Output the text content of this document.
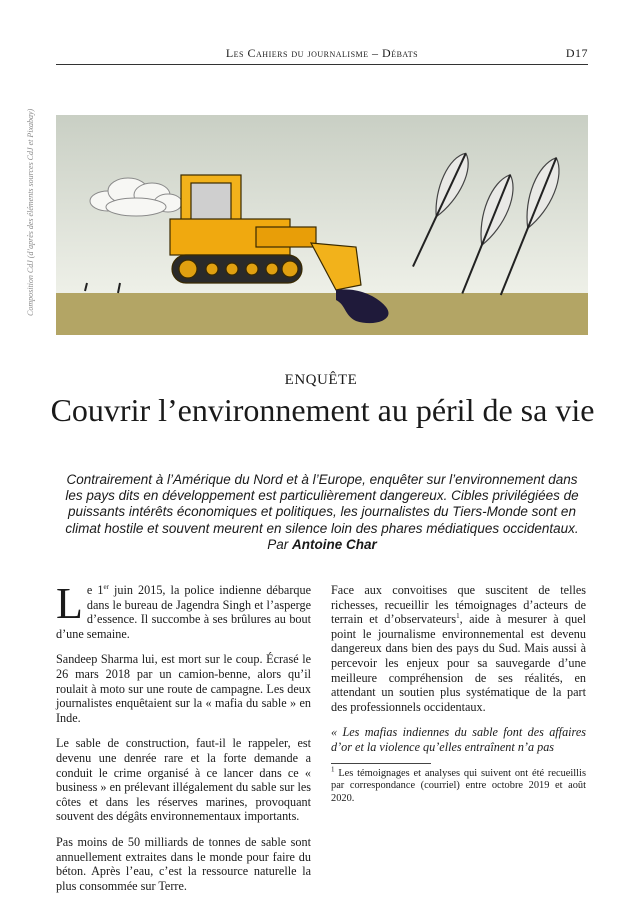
Les Cahiers du journalisme – Débats	D17
Composition CdJ (d’après des éléments sources CdJ et Pixabay)
ENQUÊTE
Couvrir l’environnement au péril de sa vie
Contrairement à l’Amérique du Nord et à l’Europe, enquêter sur l’environnement dans les pays dits en développement est particulièrement dangereux. Cibles privilégiées de puissants intérêts économiques et politiques, les journalistes du Tiers-Monde sont en climat hostile et souvent meurent en silence loin des phares médiatiques occidentaux. Par Antoine Char

Le 1er juin 2015, la police indienne débarque dans le bureau de Jagendra Singh et l’asperge d’essence. Il succombe à ses brûlures au bout d’une semaine.

Sandeep Sharma lui, est mort sur le coup. Écrasé le 26 mars 2018 par un camion-benne, alors qu’il roulait à moto sur une route de campagne. Les deux journalistes enquêtaient sur la « mafia du sable » en Inde.

Le sable de construction, faut-il le rappeler, est devenu une denrée rare et la forte demande a conduit le crime organisé à ce lancer dans ce « business » en prélevant illégalement du sable sur les côtes et dans les réserves marines, provoquant souvent des dégâts environnementaux importants.

Pas moins de 50 milliards de tonnes de sable sont annuellement extraites dans le monde pour faire du béton. Après l’eau, c’est la ressource naturelle la plus consommée sur Terre.

Face aux convoitises que suscitent de telles richesses, recueillir les témoignages d’acteurs de terrain et d’observateurs$^1$, aide à mesurer à quel point le journalisme environnemental est devenu dangereux dans bien des pays du Sud. Mais aussi à percevoir les enjeux pour sa sauvegarde d’une meilleure compréhension de ses réalités, en attendant un soutien plus systématique de la part des professionnels occidentaux.

« Les mafias indiennes du sable font des affaires d’or et la violence qu’elles entraînent n’a pas

$^1$ Les témoignages et analyses qui suivent ont été recueillis par correspondance (courriel) entre octobre 2019 et août 2020.
